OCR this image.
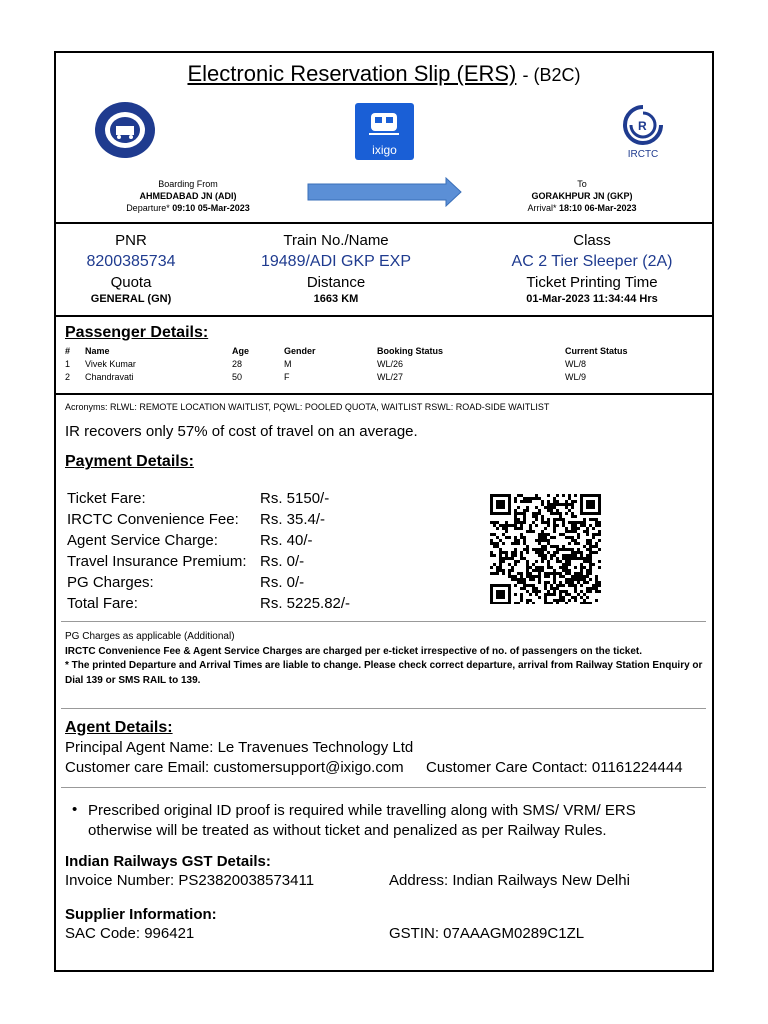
Electronic Reservation Slip (ERS) - (B2C)
ixigo
R
IRCTC
Boarding From
AHMEDABAD JN (ADI)
Departure* 09:10 05-Mar-2023
To
GORAKHPUR JN (GKP)
Arrival* 18:10 06-Mar-2023
PNR
8200385734
Train No./Name
19489/ADI GKP EXP
Class
AC 2 Tier Sleeper (2A)
Quota
GENERAL (GN)
Distance
1663 KM
Ticket Printing Time
01-Mar-2023 11:34:44 Hrs
Passenger Details:
# Name	Age	Gender	Booking Status	Current Status
1 Vivek Kumar	28	M	WL/26	WL/8
2 Chandravati	50	F	WL/27	WL/9
Acronyms: RLWL: REMOTE LOCATION WAITLIST, PQWL: POOLED QUOTA, WAITLIST RSWL: ROAD-SIDE WAITLIST
IR recovers only 57% of cost of travel on an average.
Payment Details:
Ticket Fare:	Rs. 5150/-
IRCTC Convenience Fee: Rs. 35.4/-
Agent Service Charge:	Rs. 40/-
Travel Insurance Premium: Rs. 0/-
PG Charges:	Rs. 0/-
Total Fare:	Rs. 5225.82/-
PG Charges as applicable (Additional)
IRCTC Convenience Fee & Agent Service Charges are charged per e-ticket irrespective of no. of passengers on the ticket.
* The printed Departure and Arrival Times are liable to change. Please check correct departure, arrival from Railway Station Enquiry or Dial 139 or SMS RAIL to 139.
Agent Details:
Principal Agent Name: Le Travenues Technology Ltd
Customer care Email: customersupport@ixigo.com Customer Care Contact: 01161224444
• Prescribed original ID proof is required while travelling along with SMS/ VRM/ ERS otherwise will be treated as without ticket and penalized as per Railway Rules.
Indian Railways GST Details:
Invoice Number: PS23820038573411	Address: Indian Railways New Delhi
Supplier Information:
SAC Code: 996421	GSTIN: 07AAAGM0289C1ZL
